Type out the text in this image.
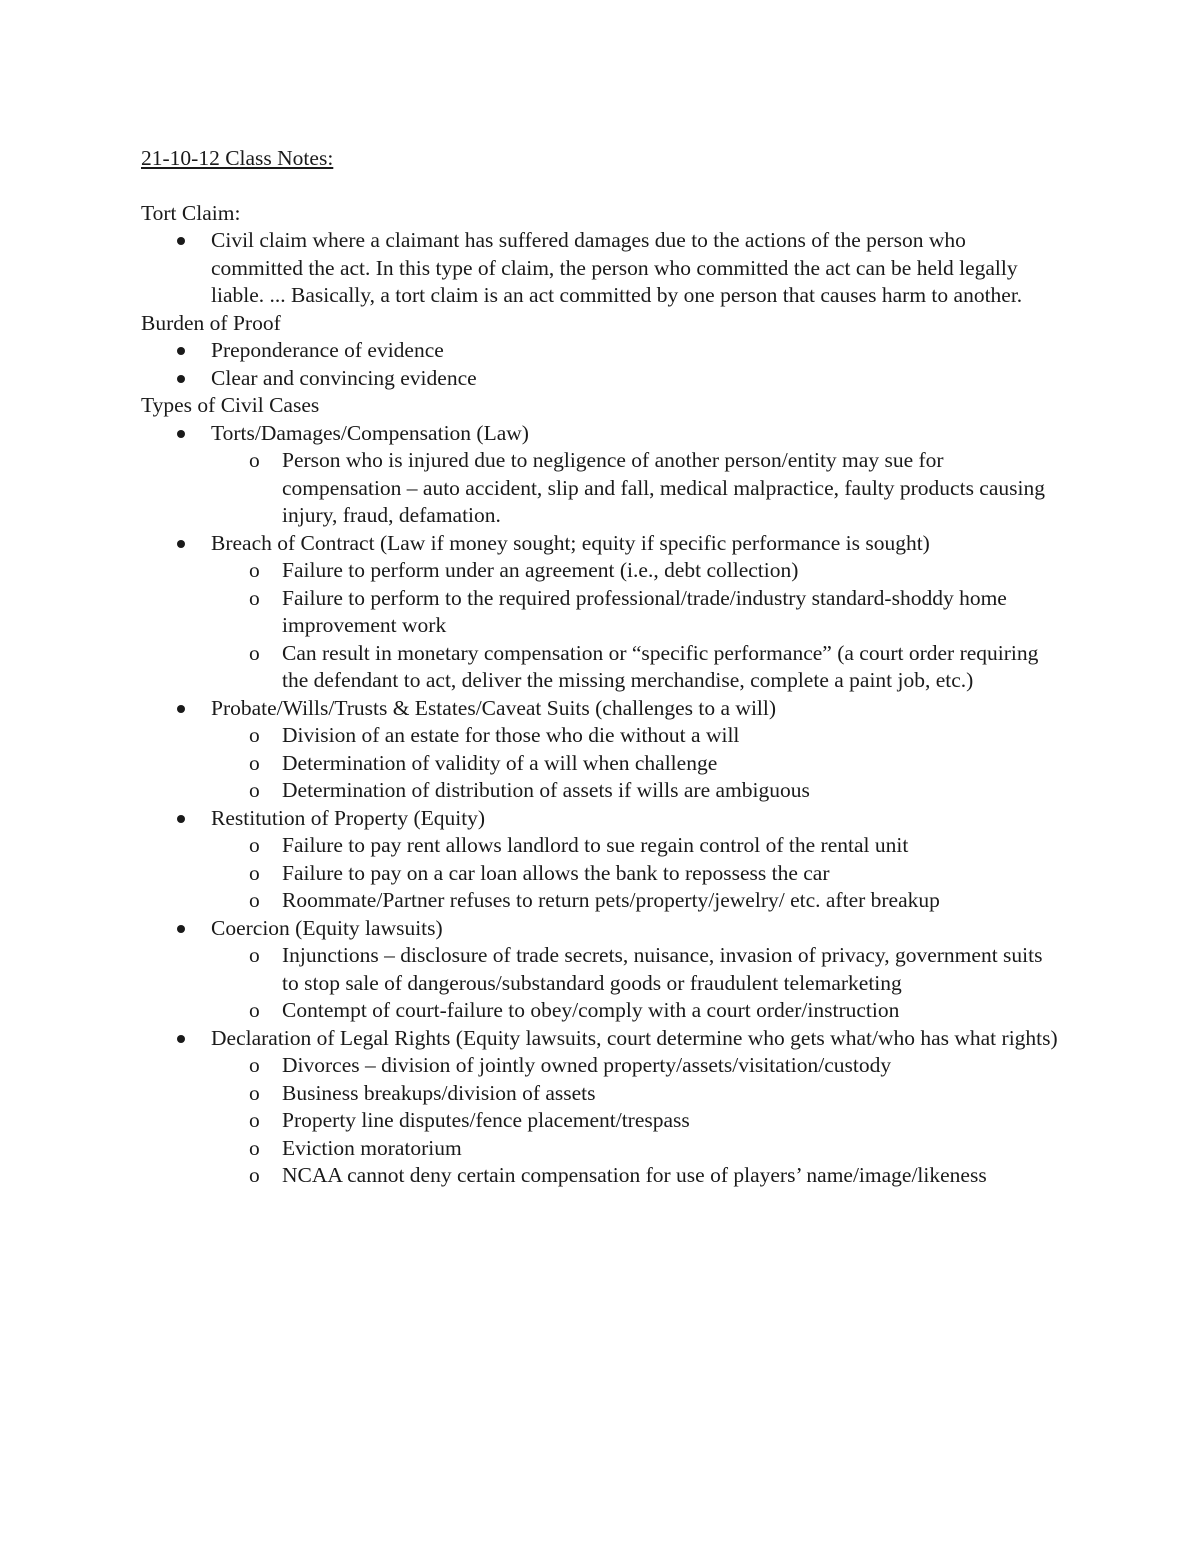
21-10-12 Class Notes:
Tort Claim:
Civil claim where a claimant has suffered damages due to the actions of the person who committed the act. In this type of claim, the person who committed the act can be held legally liable. ... Basically, a tort claim is an act committed by one person that causes harm to another.
Burden of Proof
Preponderance of evidence
Clear and convincing evidence
Types of Civil Cases
Torts/Damages/Compensation (Law)
o Person who is injured due to negligence of another person/entity may sue for compensation – auto accident, slip and fall, medical malpractice, faulty products causing injury, fraud, defamation.
Breach of Contract (Law if money sought; equity if specific performance is sought)
o Failure to perform under an agreement (i.e., debt collection)
o Failure to perform to the required professional/trade/industry standard-shoddy home improvement work
o Can result in monetary compensation or “specific performance” (a court order requiring the defendant to act, deliver the missing merchandise, complete a paint job, etc.)
Probate/Wills/Trusts & Estates/Caveat Suits (challenges to a will)
o Division of an estate for those who die without a will
o Determination of validity of a will when challenge
o Determination of distribution of assets if wills are ambiguous
Restitution of Property (Equity)
o Failure to pay rent allows landlord to sue regain control of the rental unit
o Failure to pay on a car loan allows the bank to repossess the car
o Roommate/Partner refuses to return pets/property/jewelry/ etc. after breakup
Coercion (Equity lawsuits)
o Injunctions – disclosure of trade secrets, nuisance, invasion of privacy, government suits to stop sale of dangerous/substandard goods or fraudulent telemarketing
o Contempt of court-failure to obey/comply with a court order/instruction
Declaration of Legal Rights (Equity lawsuits, court determine who gets what/who has what rights)
o Divorces – division of jointly owned property/assets/visitation/custody
o Business breakups/division of assets
o Property line disputes/fence placement/trespass
o Eviction moratorium
o NCAA cannot deny certain compensation for use of players’ name/image/likeness
